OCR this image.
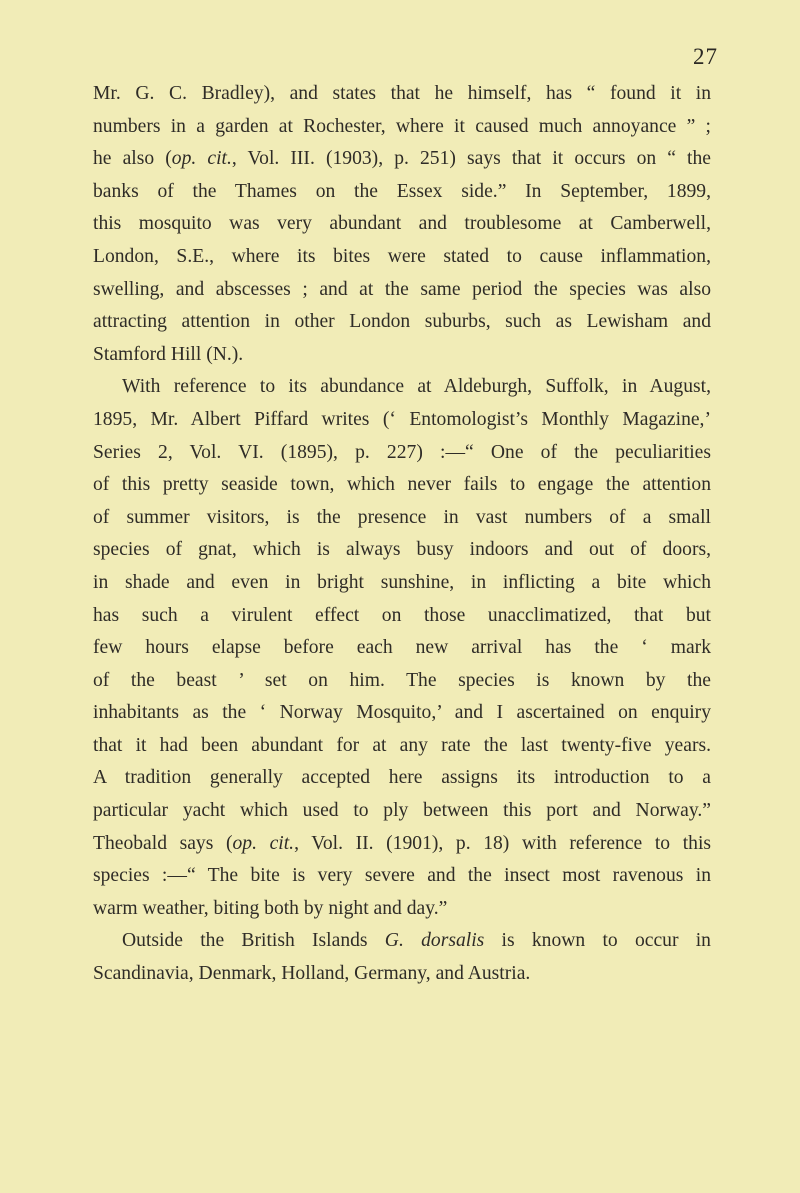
27
Mr. G. C. Bradley), and states that he himself, has “ found it in
numbers in a garden at Rochester, where it caused much annoyance ” ;
he also (op. cit., Vol. III. (1903), p. 251) says that it occurs on “ the
banks of the Thames on the Essex side.” In September, 1899,
this mosquito was very abundant and troublesome at Camberwell,
London, S.E., where its bites were stated to cause inflammation,
swelling, and abscesses ; and at the same period the species was also
attracting attention in other London suburbs, such as Lewisham and
Stamford Hill (N.).
With reference to its abundance at Aldeburgh, Suffolk, in August,
1895, Mr. Albert Piffard writes (‘ Entomologist’s Monthly Magazine,’
Series 2, Vol. VI. (1895), p. 227) :—“ One of the peculiarities
of this pretty seaside town, which never fails to engage the attention
of summer visitors, is the presence in vast numbers of a small
species of gnat, which is always busy indoors and out of doors,
in shade and even in bright sunshine, in inflicting a bite which
has such a virulent effect on those unacclimatized, that but
few hours elapse before each new arrival has the ‘ mark
of the beast ’ set on him. The species is known by the
inhabitants as the ‘ Norway Mosquito,’ and I ascertained on enquiry
that it had been abundant for at any rate the last twenty-five years.
A tradition generally accepted here assigns its introduction to a
particular yacht which used to ply between this port and Norway.”
Theobald says (op. cit., Vol. II. (1901), p. 18) with reference to this
species :—“ The bite is very severe and the insect most ravenous in
warm weather, biting both by night and day.”
Outside the British Islands G. dorsalis is known to occur in
Scandinavia, Denmark, Holland, Germany, and Austria.
